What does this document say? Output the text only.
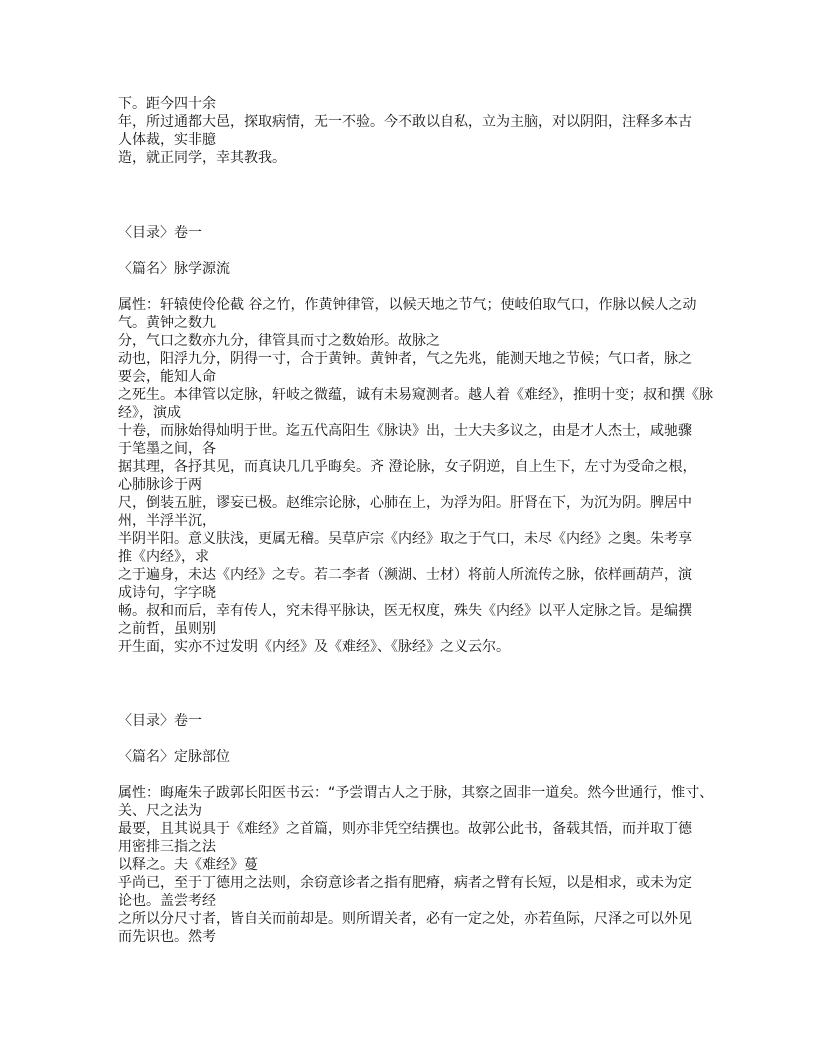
下。距今四十余
年，所过通都大邑，探取病情，无一不验。今不敢以自私，立为主脑，对以阴阳，注释多本古
人体裁，实非臆
造，就正同学，幸其教我。
〈目录〉卷一
〈篇名〉脉学源流
属性：轩辕使伶伦截 谷之竹，作黄钟律管，以候天地之节气；使岐伯取气口，作脉以候人之动
气。黄钟之数九
分，气口之数亦九分，律管具而寸之数始形。故脉之
动也，阳浮九分，阴得一寸，合于黄钟。黄钟者，气之先兆，能测天地之节候；气口者，脉之
要会，能知人命
之死生。本律管以定脉，轩岐之微蕴，诚有未易窥测者。越人着《难经》，推明十变；叔和撰《脉
经》，演成
十卷，而脉始得灿明于世。迄五代高阳生《脉诀》出，士大夫多议之，由是才人杰士，咸驰骤
于笔墨之间，各
据其理，各抒其见，而真诀几几乎晦矣。齐 澄论脉，女子阴逆，自上生下，左寸为受命之根，
心肺脉诊于两
尺，倒装五脏，谬妄已极。赵维宗论脉，心肺在上，为浮为阳。肝肾在下，为沉为阴。脾居中
州，半浮半沉，
半阴半阳。意义肤浅，更属无稽。吴草庐宗《内经》取之于气口，未尽《内经》之奥。朱考享
推《内经》，求
之于遍身，未达《内经》之专。若二李者（濒湖、士材）将前人所流传之脉，依样画葫芦，演
成诗句，字字晓
畅。叔和而后，幸有传人，究未得平脉诀，医无权度，殊失《内经》以平人定脉之旨。是编撰
之前哲，虽则别
开生面，实亦不过发明《内经》及《难经》、《脉经》之义云尔。
〈目录〉卷一
〈篇名〉定脉部位
属性：晦庵朱子跋郭长阳医书云：“予尝谓古人之于脉，其察之固非一道矣。然今世通行，惟寸、
关、尺之法为
最要，且其说具于《难经》之首篇，则亦非凭空结撰也。故郭公此书，备载其悟，而并取丁德
用密排三指之法
以释之。夫《难经》蔓
乎尚已，至于丁德用之法则，余窃意诊者之指有肥瘠，病者之臂有长短，以是相求，或未为定
论也。盖尝考经
之所以分尺寸者，皆自关而前却是。则所谓关者，必有一定之处，亦若鱼际，尺泽之可以外见
而先识也。然考
